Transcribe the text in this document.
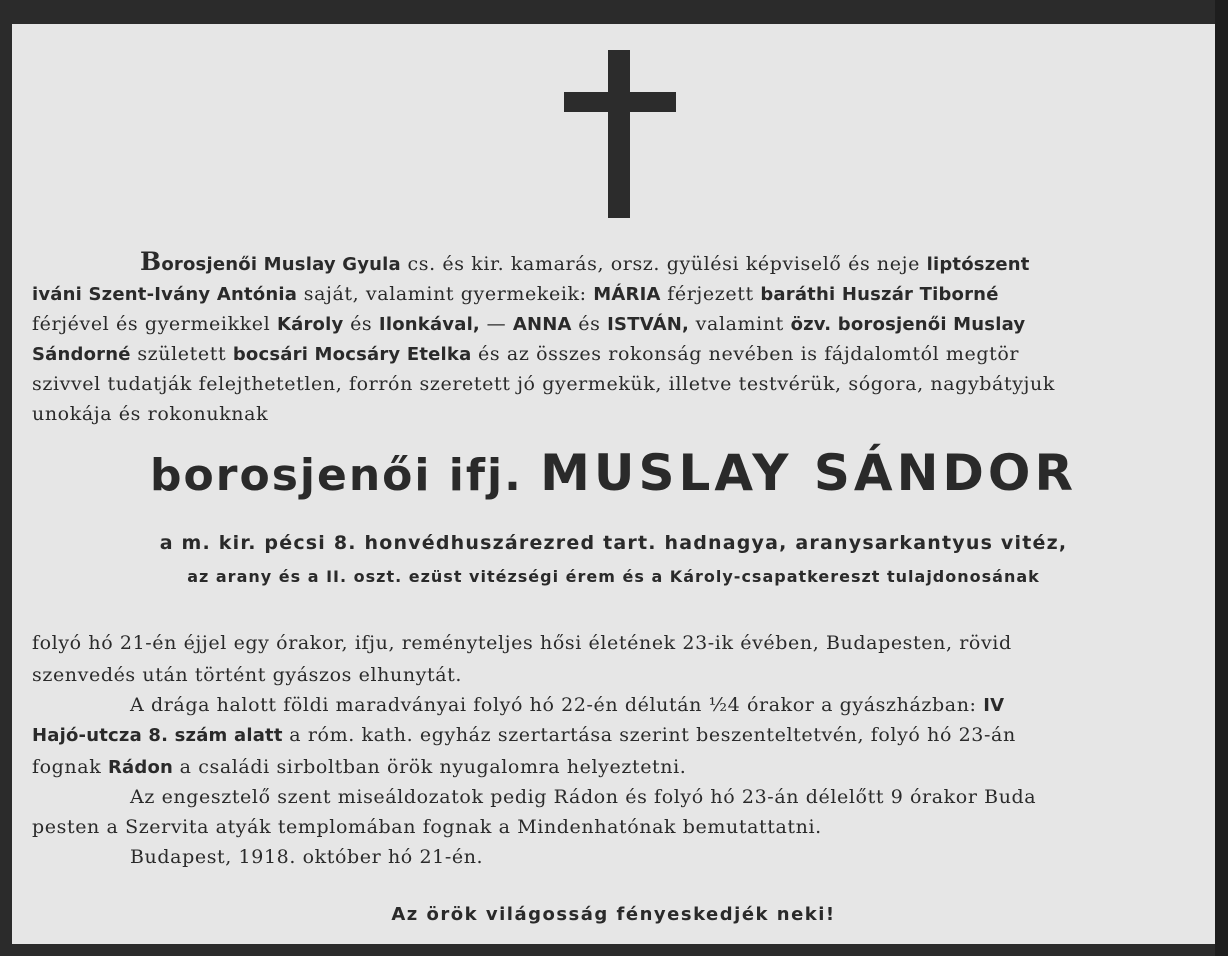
Borosjenői Muslay Gyula cs. és kir. kamarás, orsz. gyülési képviselő és neje liptószent
iváni Szent-Ivány Antónia saját, valamint gyermekeik: MÁRIA férjezett baráthi Huszár Tiborné
férjével és gyermeikkel Károly és Ilonkával, — ANNA és ISTVÁN, valamint özv. borosjenői Muslay
Sándorné született bocsári Mocsáry Etelka és az összes rokonság nevében is fájdalomtól megtör
szivvel tudatják felejthetetlen, forrón szeretett jó gyermekük, illetve testvérük, sógora, nagybátyjuk
unokája és rokonuknak
borosjenői ifj. MUSLAY SÁNDOR
a m. kir. pécsi 8. honvédhuszárezred tart. hadnagya, aranysarkantyus vitéz,
az arany és a II. oszt. ezüst vitézségi érem és a Károly-csapatkereszt tulajdonosának
folyó hó 21-én éjjel egy órakor, ifju, reményteljes hősi életének 23-ik évében, Budapesten, rövid
szenvedés után történt gyászos elhunytát.
A drága halott földi maradványai folyó hó 22-én délután ½4 órakor a gyászházban: IV
Hajó-utcza 8. szám alatt a róm. kath. egyház szertartása szerint beszenteltetvén, folyó hó 23-án
fognak Rádon a családi sirboltban örök nyugalomra helyeztetni.
Az engesztelő szent miseáldozatok pedig Rádon és folyó hó 23-án délelőtt 9 órakor Buda
pesten a Szervita atyák templomában fognak a Mindenhatónak bemutattatni.
Budapest, 1918. október hó 21-én.
Az örök világosság fényeskedjék neki!
